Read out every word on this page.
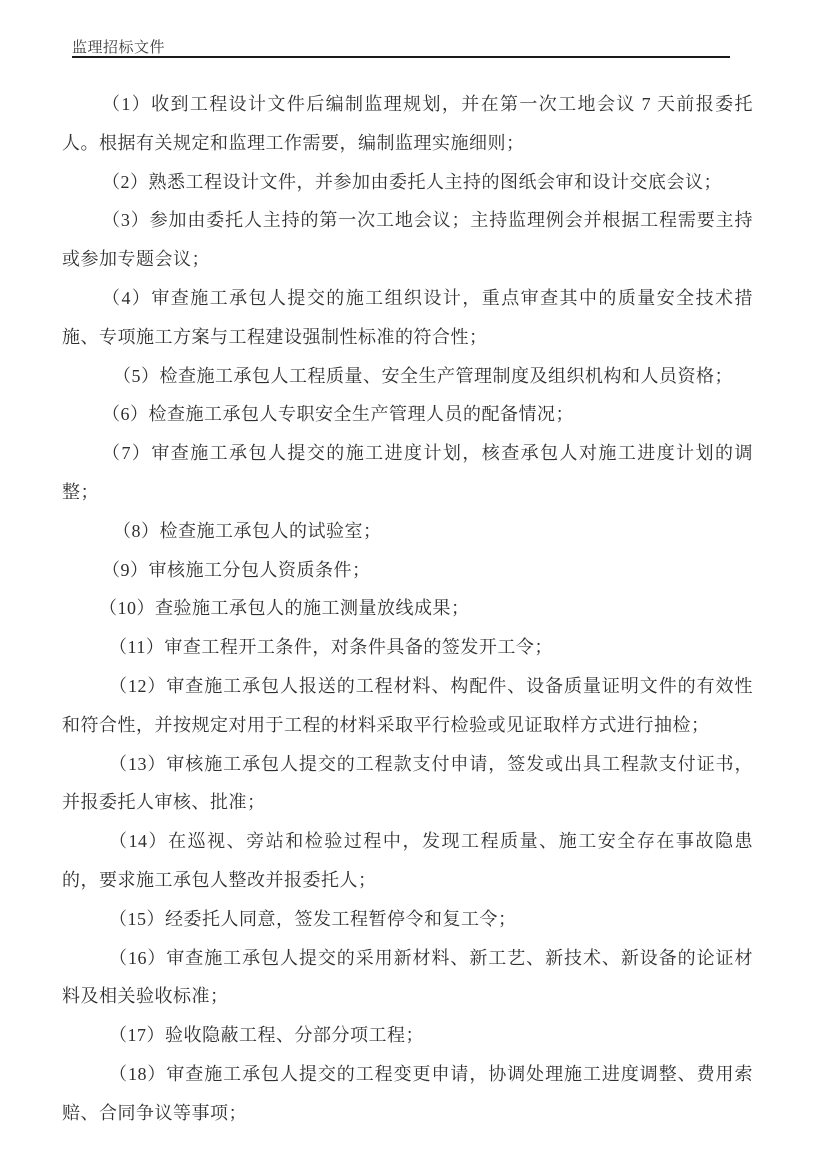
监理招标文件

（1）收到工程设计文件后编制监理规划，并在第一次工地会议 7 天前报委托人。根据有关规定和监理工作需要，编制监理实施细则；

（2）熟悉工程设计文件，并参加由委托人主持的图纸会审和设计交底会议；

（3）参加由委托人主持的第一次工地会议；主持监理例会并根据工程需要主持或参加专题会议；

（4）审查施工承包人提交的施工组织设计，重点审查其中的质量安全技术措施、专项施工方案与工程建设强制性标准的符合性；

（5）检查施工承包人工程质量、安全生产管理制度及组织机构和人员资格；

（6）检查施工承包人专职安全生产管理人员的配备情况；

（7）审查施工承包人提交的施工进度计划，核查承包人对施工进度计划的调整；

（8）检查施工承包人的试验室；

（9）审核施工分包人资质条件；

（10）查验施工承包人的施工测量放线成果；

（11）审查工程开工条件，对条件具备的签发开工令；

（12）审查施工承包人报送的工程材料、构配件、设备质量证明文件的有效性和符合性，并按规定对用于工程的材料采取平行检验或见证取样方式进行抽检；

（13）审核施工承包人提交的工程款支付申请，签发或出具工程款支付证书，并报委托人审核、批准；

（14）在巡视、旁站和检验过程中，发现工程质量、施工安全存在事故隐患的，要求施工承包人整改并报委托人；

（15）经委托人同意，签发工程暂停令和复工令；

（16）审查施工承包人提交的采用新材料、新工艺、新技术、新设备的论证材料及相关验收标准；

（17）验收隐蔽工程、分部分项工程；

（18）审查施工承包人提交的工程变更申请，协调处理施工进度调整、费用索赔、合同争议等事项；
